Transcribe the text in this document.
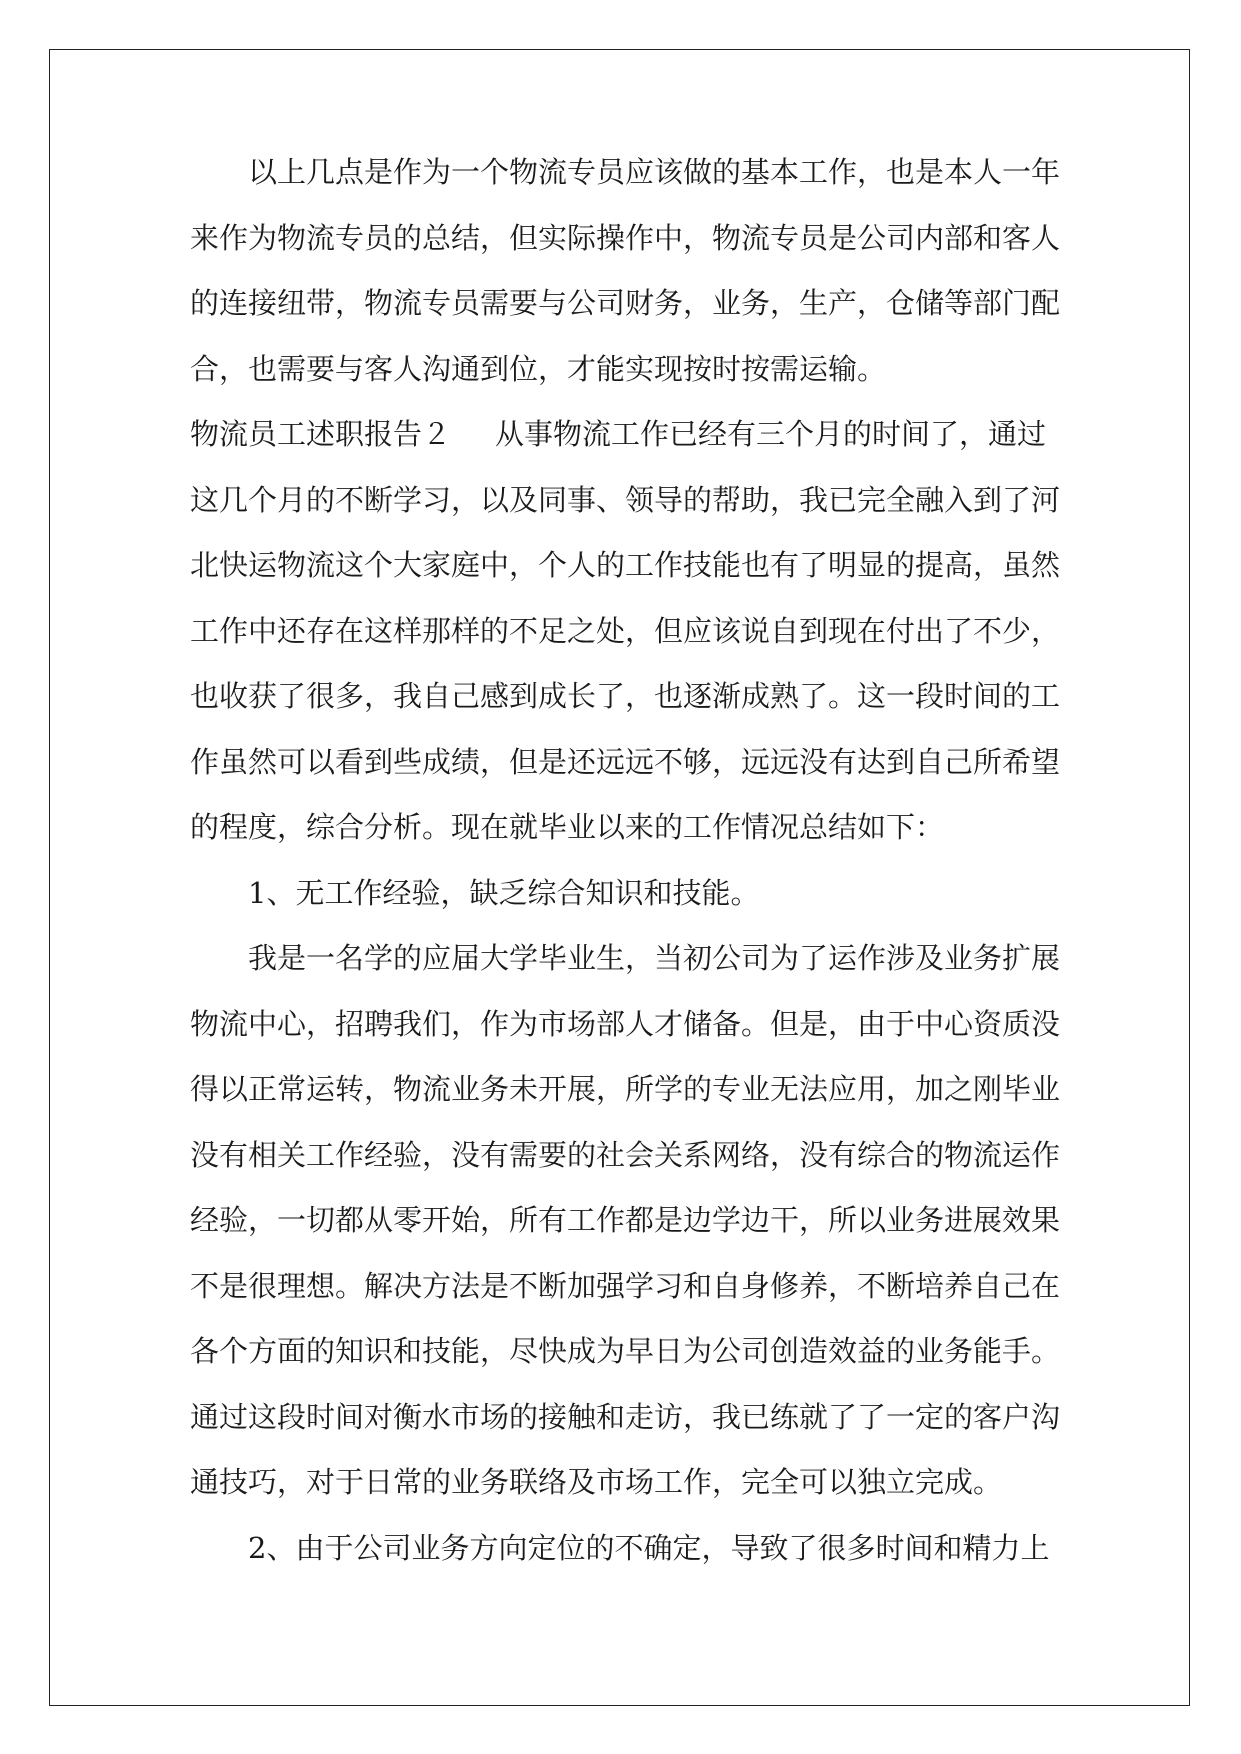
以上几点是作为一个物流专员应该做的基本工作，也是本人一年
来作为物流专员的总结，但实际操作中，物流专员是公司内部和客人
的连接纽带，物流专员需要与公司财务，业务，生产，仓储等部门配
合，也需要与客人沟通到位，才能实现按时按需运输。
物流员工述职报告２ 从事物流工作已经有三个月的时间了，通过
这几个月的不断学习，以及同事、领导的帮助，我已完全融入到了河
北快运物流这个大家庭中，个人的工作技能也有了明显的提高，虽然
工作中还存在这样那样的不足之处，但应该说自到现在付出了不少，
也收获了很多，我自己感到成长了，也逐渐成熟了。这一段时间的工
作虽然可以看到些成绩，但是还远远不够，远远没有达到自己所希望
的程度，综合分析。现在就毕业以来的工作情况总结如下：
1、无工作经验，缺乏综合知识和技能。
我是一名学的应届大学毕业生，当初公司为了运作涉及业务扩展
物流中心，招聘我们，作为市场部人才储备。但是，由于中心资质没
得以正常运转，物流业务未开展，所学的专业无法应用，加之刚毕业
没有相关工作经验，没有需要的社会关系网络，没有综合的物流运作
经验，一切都从零开始，所有工作都是边学边干，所以业务进展效果
不是很理想。解决方法是不断加强学习和自身修养，不断培养自己在
各个方面的知识和技能，尽快成为早日为公司创造效益的业务能手。
通过这段时间对衡水市场的接触和走访，我已练就了了一定的客户沟
通技巧，对于日常的业务联络及市场工作，完全可以独立完成。
2、由于公司业务方向定位的不确定，导致了很多时间和精力上
